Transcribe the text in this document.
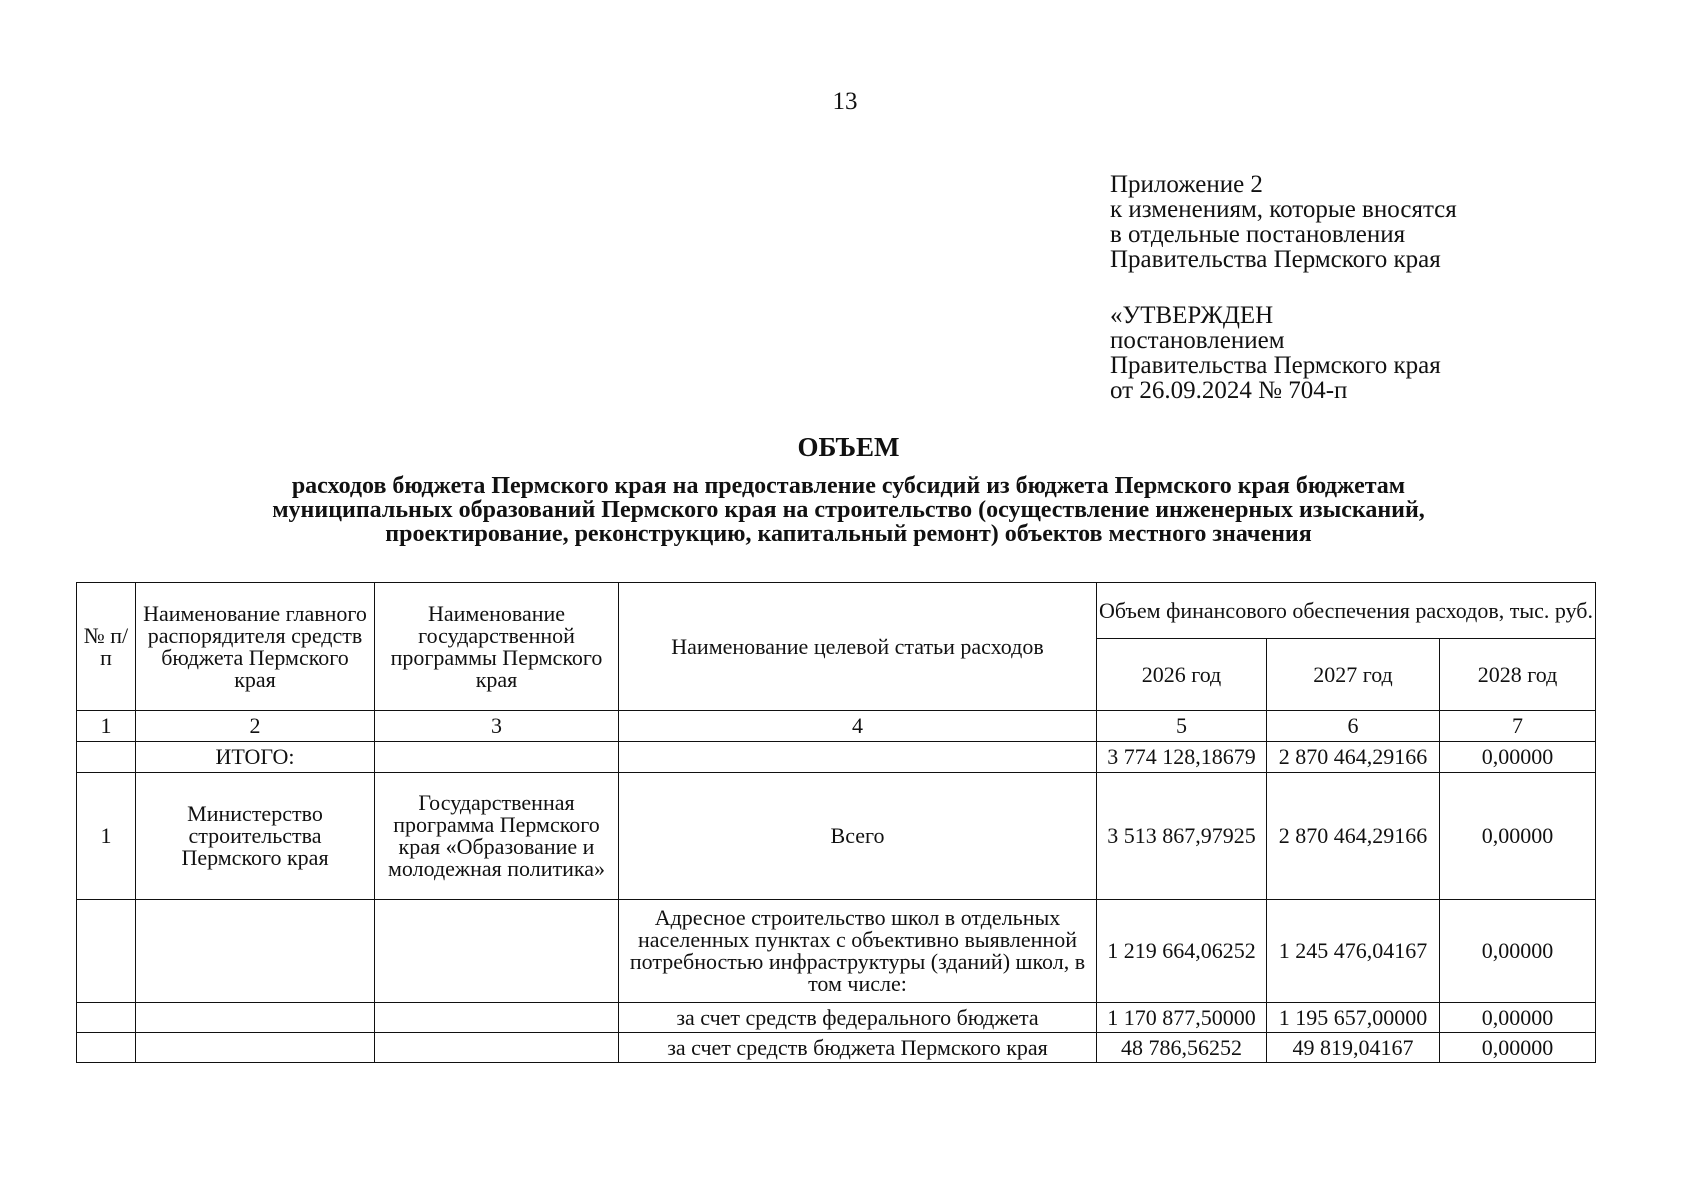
13
Приложение 2
к изменениям, которые вносятся
в отдельные постановления
Правительства Пермского края
«УТВЕРЖДЕН
постановлением
Правительства Пермского края
от 26.09.2024 № 704-п
ОБЪЕМ
расходов бюджета Пермского края на предоставление субсидий из бюджета Пермского края бюджетам
муниципальных образований Пермского края на строительство (осуществление инженерных изысканий,
проектирование, реконструкцию, капитальный ремонт) объектов местного значения
№ п/п	Наименование главного распорядителя средств бюджета Пермского края	Наименование государственной программы Пермского края	Наименование целевой статьи расходов	Объем финансового обеспечения расходов, тыс. руб.		
				2026 год	2027 год	2028 год
1	2	3	4	5	6	7
	ИТОГО:			3 774 128,18679	2 870 464,29166	0,00000
1	Министерство строительства Пермского края	Государственная программа Пермского края «Образование и молодежная политика»	Всего	3 513 867,97925	2 870 464,29166	0,00000
			Адресное строительство школ в отдельных населенных пунктах с объективно выявленной потребностью инфраструктуры (зданий) школ, в том числе:	1 219 664,06252	1 245 476,04167	0,00000
			за счет средств федерального бюджета	1 170 877,50000	1 195 657,00000	0,00000
			за счет средств бюджета Пермского края	48 786,56252	49 819,04167	0,00000
